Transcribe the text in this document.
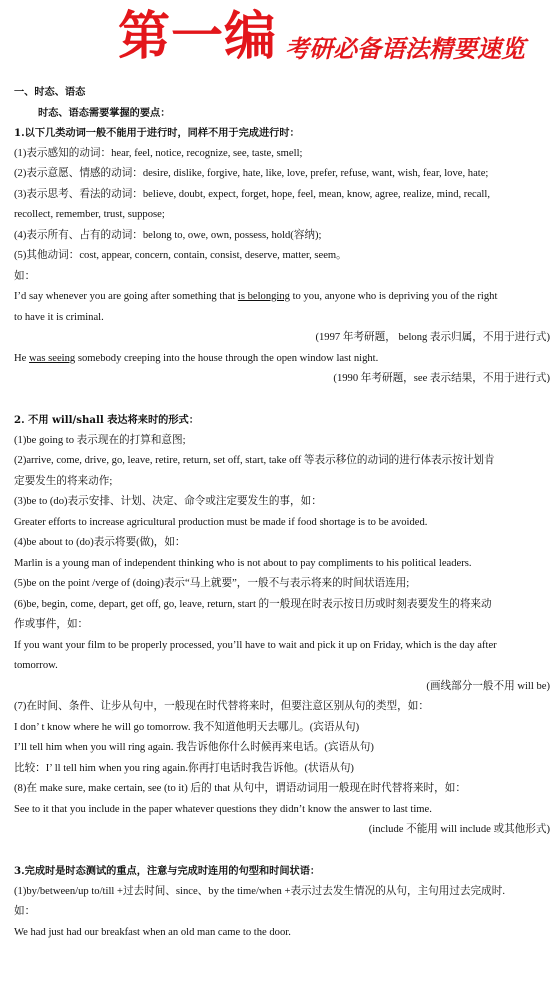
第一编 考研必备语法精要速览
一、时态、语态
时态、语态需要掌握的要点：
1.以下几类动词一般不能用于进行时，同样不用于完成进行时：
(1)表示感知的动词：hear, feel, notice, recognize, see, taste, smell;
(2)表示意愿、情感的动词：desire, dislike, forgive, hate, like, love, prefer, refuse, want, wish, fear, love, hate;
(3)表示思考、看法的动词：believe, doubt, expect, forget, hope, feel, mean, know, agree, realize, mind, recall,
recollect, remember, trust, suppose;
(4)表示所有、占有的动词：belong to, owe, own, possess, hold(容纳);
(5)其他动词：cost, appear, concern, contain, consist, deserve, matter, seem。
如：
I’d say whenever you are going after something that is belonging to you, anyone who is depriving you of the right
to have it is criminal.
(1997 年考研题， belong 表示归属，不用于进行式)
He was seeing somebody creeping into the house through the open window last night.
(1990 年考研题，see 表示结果，不用于进行式)
2. 不用 will/shall 表达将来时的形式：
(1)be going to 表示现在的打算和意图;
(2)arrive, come, drive, go, leave, retire, return, set off, start, take off 等表示移位的动词的进行体表示按计划肯
定要发生的将来动作;
(3)be to (do)表示安排、计划、决定、命令或注定要发生的事，如：
Greater efforts to increase agricultural production must be made if food shortage is to be avoided.
(4)be about to (do)表示将要(做)，如：
Marlin is a young man of independent thinking who is not about to pay compliments to his political leaders.
(5)be on the point /verge of (doing)表示“马上就要”，一般不与表示将来的时间状语连用;
(6)be, begin, come, depart, get off, go, leave, return, start 的一般现在时表示按日历或时刻表要发生的将来动
作或事件，如：
If you want your film to be properly processed, you’ll have to wait and pick it up on Friday, which is the day after
tomorrow.
(画线部分一般不用 will be)
(7)在时间、条件、让步从句中，一般现在时代替将来时，但要注意区别从句的类型，如：
I don’ t know where he will go tomorrow. 我不知道他明天去哪儿。(宾语从句)
I’ll tell him when you will ring again. 我告诉他你什么时候再来电话。(宾语从句)
比较：I’ ll tell him when you ring again.你再打电话时我告诉他。(状语从句)
(8)在 make sure, make certain, see (to it) 后的 that 从句中，谓语动词用一般现在时代替将来时，如：
See to it that you include in the paper whatever questions they didn’t know the answer to last time.
(include 不能用 will include 或其他形式)
3.完成时是时态测试的重点，注意与完成时连用的句型和时间状语：
(1)by/between/up to/till +过去时间、since、by the time/when +表示过去发生情况的从句，主句用过去完成时.
如：
We had just had our breakfast when an old man came to the door.
